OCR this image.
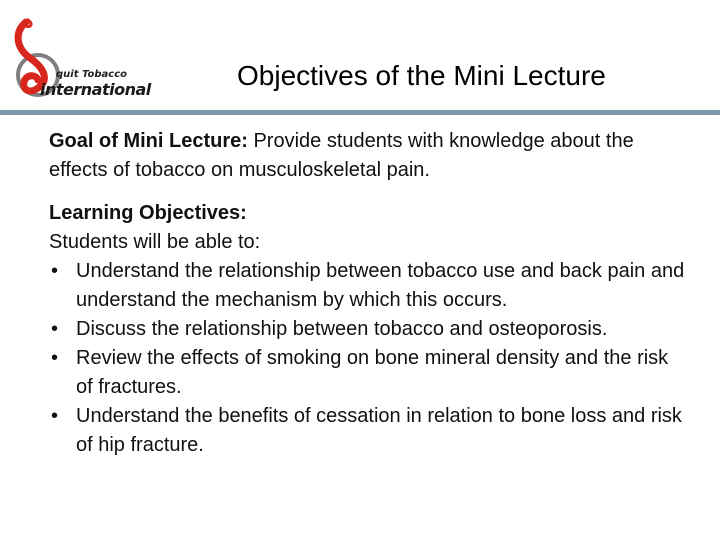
quit Tobacco
international	Objectives of the Mini Lecture

Goal of Mini Lecture: Provide students with knowledge about the effects of tobacco on musculoskeletal pain.

Learning Objectives:

Students will be able to:

• Understand the relationship between tobacco use and back pain and understand the mechanism by which this occurs.
• Discuss the relationship between tobacco and osteoporosis.
• Review the effects of smoking on bone mineral density and the risk of fractures.
• Understand the benefits of cessation in relation to bone loss and risk of hip fracture.
